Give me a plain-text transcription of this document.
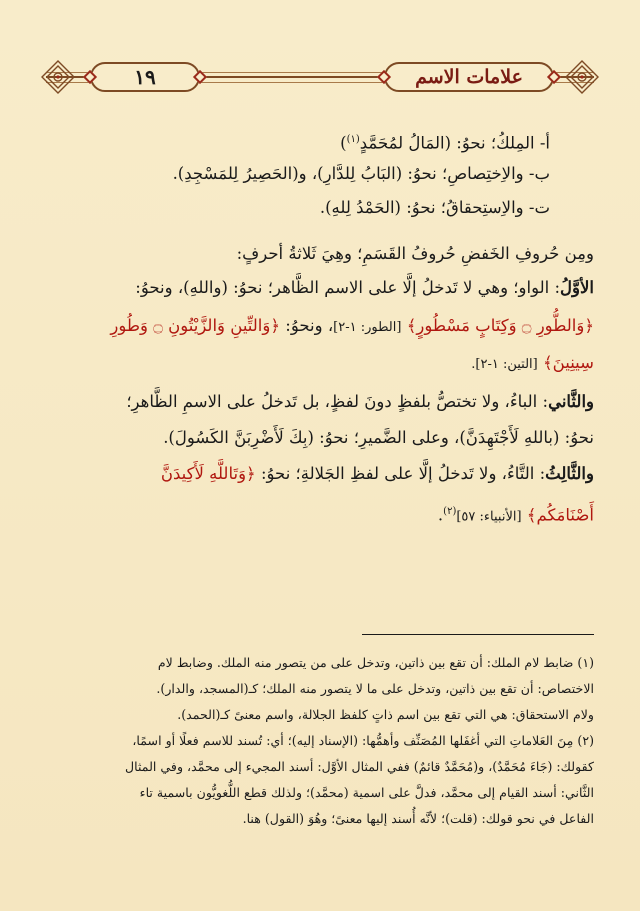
علامات الاسم
١٩
أ- المِلكُ؛ نحوُ: (المَالُ لمُحَمَّدٍ$^{(١)}$)
ب- والاِختِصاصِ؛ نحوُ: (البَابُ لِلدَّارِ)، و(الحَصِيرُ لِلمَسْجِدِ).
ت- والاِستِحقاقُ؛ نحوُ: (الحَمْدُ لِلهِ).
ومِن حُروفِ الخَفضِ حُروفُ القَسَمِ؛ وهِيَ ثَلاثةُ أحرفٍ:
الأوَّلُ: الواو؛ وهي لا تَدخلُ إلَّا على الاسم الظَّاهر؛ نحوُ: (واللهِ)، ونحوُ:
﴿وَالطُّورِ ۝ وَكِتَابٍ مَسْطُورٍ﴾ [الطور: ١-٢]، ونحوُ: ﴿وَالتِّينِ وَالزَّيْتُونِ ۝ وَطُورِ
سِينِينَ﴾ [التين: ١-٢].
والثَّاني: الباءُ، ولا تختصُّ بلفظٍ دونَ لفظٍ، بل تَدخلُ على الاسمِ الظَّاهرِ؛
نحوُ: (باللهِ لَأَجْتَهِدَنَّ)، وعلى الضَّميرِ؛ نحوُ: (بِكَ لَأَضْرِبَنَّ الكَسُولَ).
والثَّالِثُ: التَّاءُ، ولا تَدخلُ إلَّا على لفظِ الجَلالةِ؛ نحوُ: ﴿وَتَاللَّهِ لَأَكِيدَنَّ
أَصْنَامَكُم﴾ [الأنبياء: ٥٧]$^{(٢)}$.
(١) ضابط لام الملك: أن تقع بين ذاتين، وتدخل على من يتصور منه الملك. وضابط لام
الاختصاص: أن تقع بين ذاتين، وتدخل على ما لا يتصور منه الملك؛ كـ(المسجد، والدار).
ولام الاستحقاق: هي التي تقع بين اسم ذاتٍ كلفظ الجلالة، واسم معنىً كـ(الحمد).
(٢) مِنَ العَلاماتِ التي أغفَلها المُصَنِّف وأهمُّها: (الإسناد إليه)؛ أي: تُسند للاسم فعلًا أو اسمًا،
كقولك: (جَاءَ مُحَمَّدٌ)، و(مُحَمَّدٌ قائمٌ) ففي المثال الأوَّل: أسند المجيء إلى محمَّد، وفي المثال
الثَّاني: أسند القيام إلى محمَّد، فدلَّ على اسمية (محمَّد)؛ ولذلك قطع اللُّغويُّون باسمية تاء
الفاعل في نحو قولك: (قلت)؛ لأنَّه أُسند إليها معنىً؛ وهُوَ (القول) هنا.
